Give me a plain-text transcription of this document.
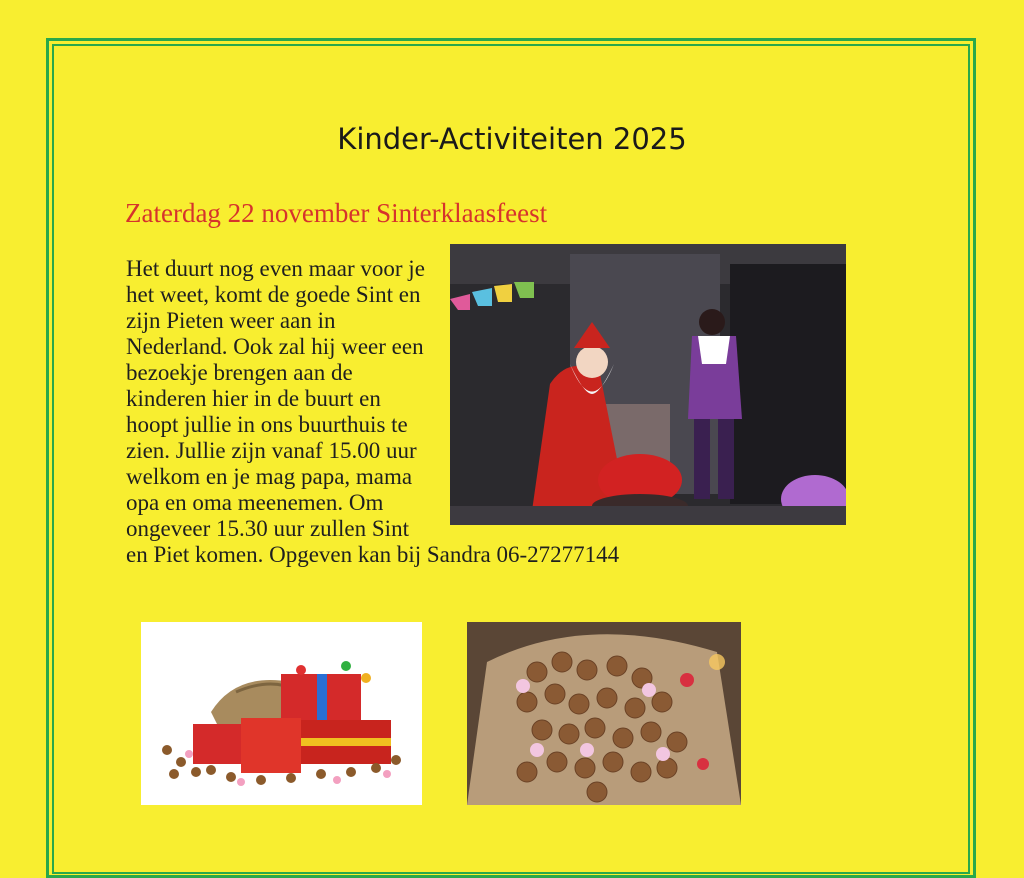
Kinder-Activiteiten 2025
Zaterdag 22 november Sinterklaasfeest
Het duurt nog even maar voor je het weet, komt de goede Sint en zijn Pieten weer aan in Nederland. Ook zal hij weer een bezoekje brengen aan de kinderen hier in de buurt en hoopt jullie in ons buurthuis te zien. Jullie zijn vanaf 15.00 uur welkom en je mag papa, mama opa en oma meenemen. Om ongeveer 15.30 uur zullen Sint en Piet komen. Opgeven kan bij Sandra 06-27277144
